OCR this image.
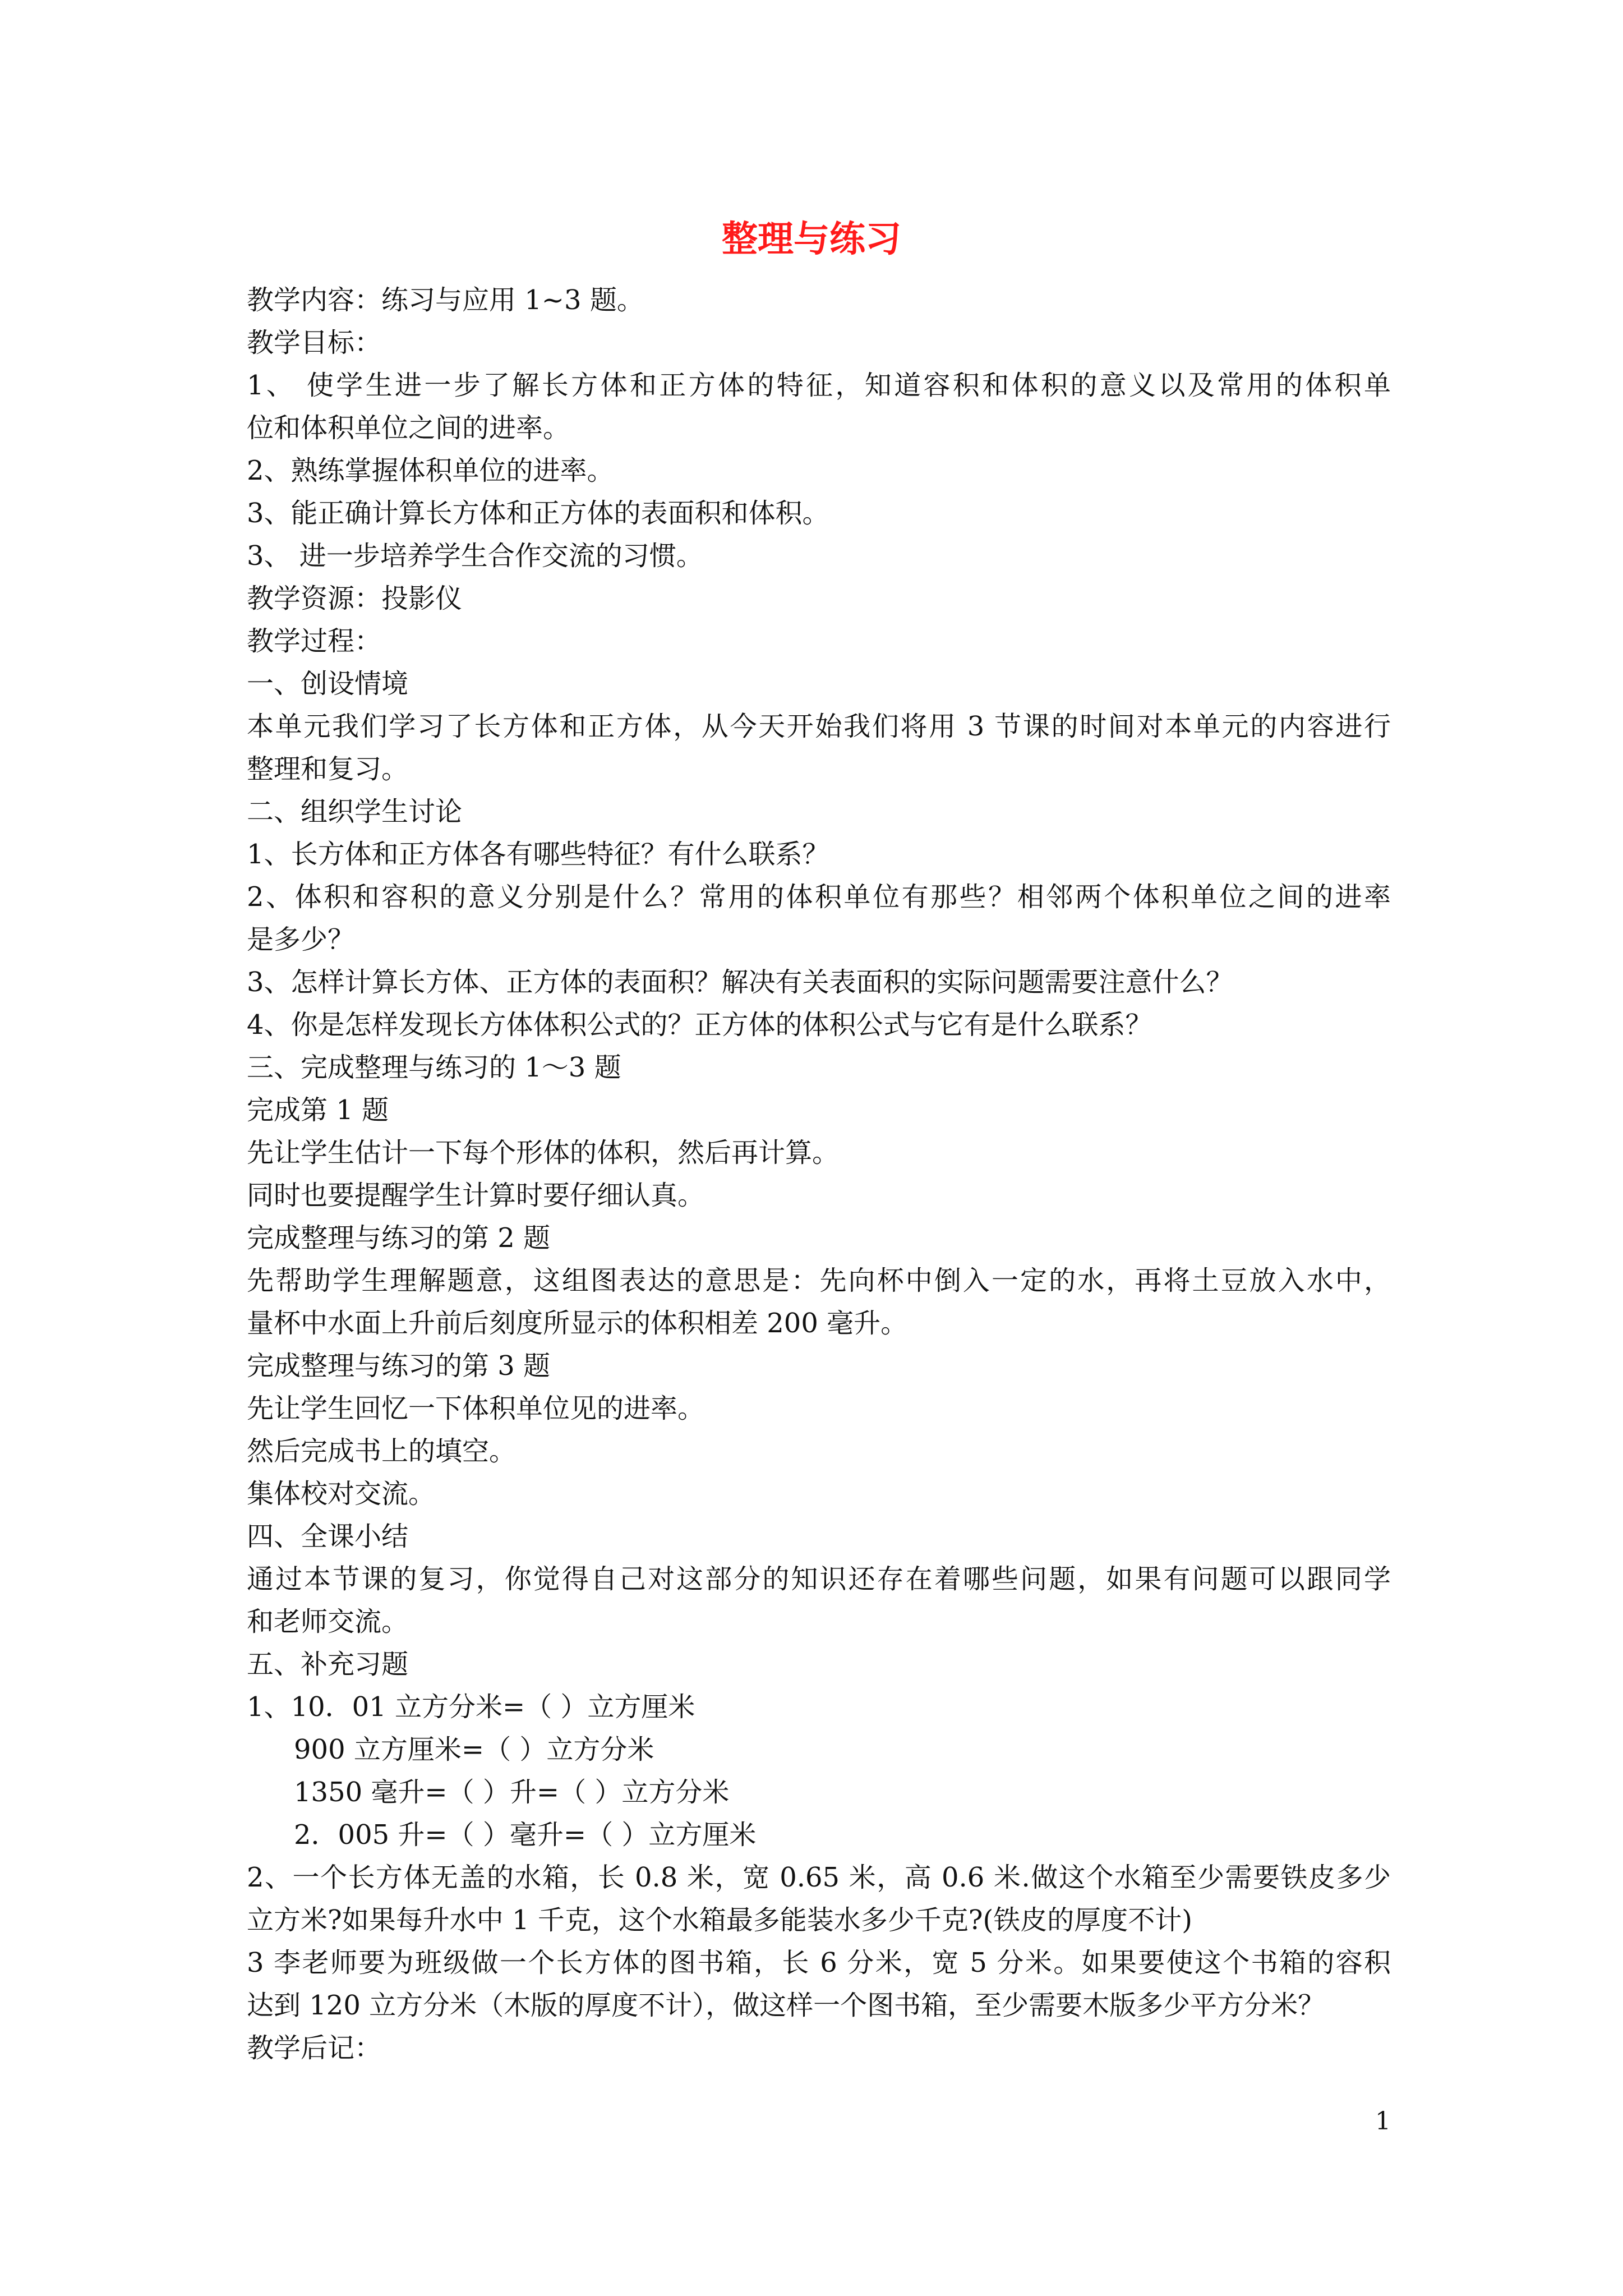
整理与练习
教学内容：练习与应用 1~3 题。
教学目标：
1、 使学生进一步了解长方体和正方体的特征，知道容积和体积的意义以及常用的体积单
位和体积单位之间的进率。
2、熟练掌握体积单位的进率。
3、能正确计算长方体和正方体的表面积和体积。
3、 进一步培养学生合作交流的习惯。
教学资源：投影仪
教学过程：
一、创设情境
本单元我们学习了长方体和正方体，从今天开始我们将用 3 节课的时间对本单元的内容进行
整理和复习。
二、组织学生讨论
1、长方体和正方体各有哪些特征？有什么联系？
2、体积和容积的意义分别是什么？常用的体积单位有那些？相邻两个体积单位之间的进率
是多少？
3、怎样计算长方体、正方体的表面积？解决有关表面积的实际问题需要注意什么？
4、你是怎样发现长方体体积公式的？正方体的体积公式与它有是什么联系？
三、完成整理与练习的 1～3 题
完成第 1 题
先让学生估计一下每个形体的体积，然后再计算。
同时也要提醒学生计算时要仔细认真。
完成整理与练习的第 2 题
先帮助学生理解题意，这组图表达的意思是：先向杯中倒入一定的水，再将土豆放入水中，
量杯中水面上升前后刻度所显示的体积相差 200 毫升。
完成整理与练习的第 3 题
先让学生回忆一下体积单位见的进率。
然后完成书上的填空。
集体校对交流。
四、全课小结
通过本节课的复习，你觉得自己对这部分的知识还存在着哪些问题，如果有问题可以跟同学
和老师交流。
五、补充习题
1、10．01 立方分米=（ ）立方厘米
900 立方厘米=（ ）立方分米
1350 毫升=（ ）升=（ ）立方分米
2．005 升=（ ）毫升=（ ）立方厘米
2、一个长方体无盖的水箱，长 0.8 米，宽 0.65 米，高 0.6 米.做这个水箱至少需要铁皮多少
立方米?如果每升水中 1 千克，这个水箱最多能装水多少千克?(铁皮的厚度不计)
3 李老师要为班级做一个长方体的图书箱，长 6 分米，宽 5 分米。如果要使这个书箱的容积
达到 120 立方分米（木版的厚度不计），做这样一个图书箱，至少需要木版多少平方分米？
教学后记：
1
